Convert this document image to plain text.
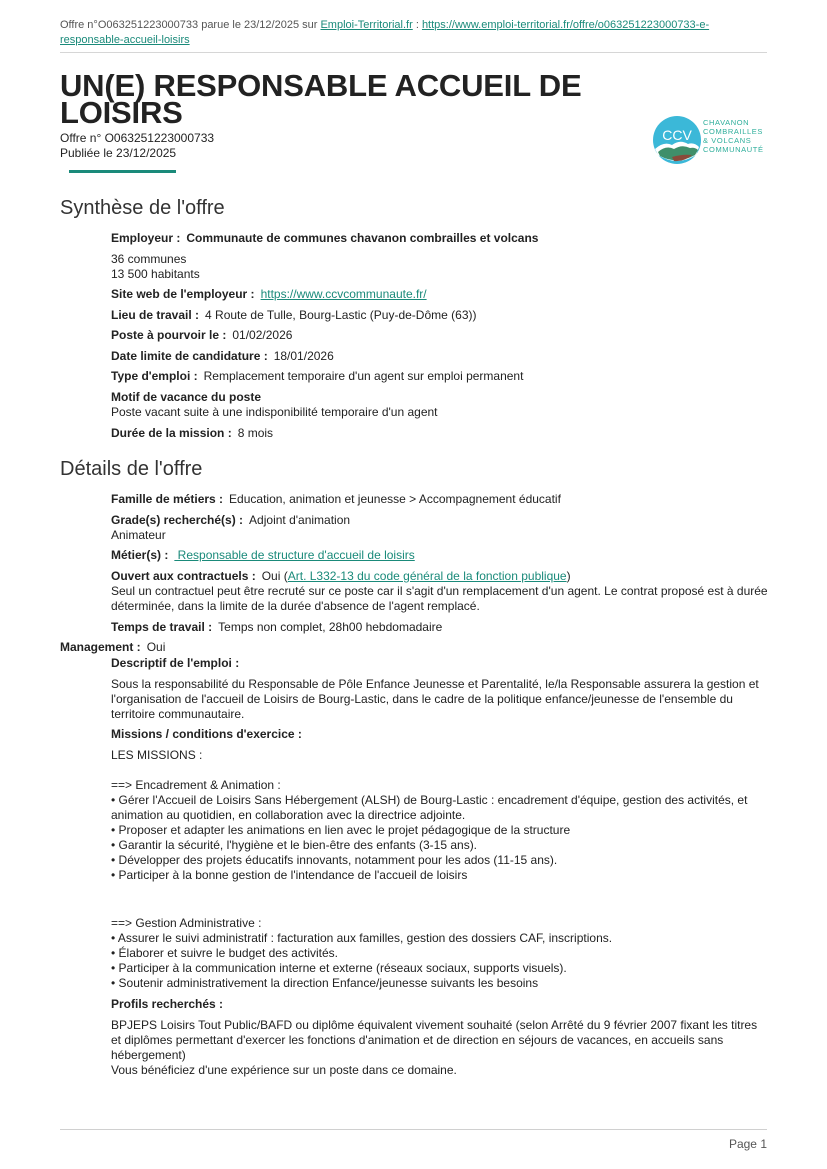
Offre n°O063251223000733 parue le 23/12/2025 sur Emploi-Territorial.fr : https://www.emploi-territorial.fr/offre/o063251223000733-e-responsable-accueil-loisirs
UN(E) RESPONSABLE ACCUEIL DE LOISIRS
Offre n° O063251223000733
Publiée le 23/12/2025
CCV
CHAVANON
COMBRAILLES
& VOLCANS
COMMUNAUTÉ
Synthèse de l'offre
Employeur : Communaute de communes chavanon combrailles et volcans
36 communes
13 500 habitants
Site web de l'employeur : https://www.ccvcommunaute.fr/
Lieu de travail : 4 Route de Tulle, Bourg-Lastic (Puy-de-Dôme (63))
Poste à pourvoir le : 01/02/2026
Date limite de candidature : 18/01/2026
Type d'emploi : Remplacement temporaire d'un agent sur emploi permanent
Motif de vacance du poste
Poste vacant suite à une indisponibilité temporaire d'un agent
Durée de la mission : 8 mois
Détails de l'offre
Famille de métiers : Education, animation et jeunesse > Accompagnement éducatif
Grade(s) recherché(s) : Adjoint d'animation
Animateur
Métier(s) : Responsable de structure d'accueil de loisirs
Ouvert aux contractuels : Oui (Art. L332-13 du code général de la fonction publique)

Seul un contractuel peut être recruté sur ce poste car il s'agit d'un remplacement d'un agent. Le contrat proposé est à durée déterminée, dans la limite de la durée d'absence de l'agent remplacé.

Temps de travail : Temps non complet, 28h00 hebdomadaire
Management : Oui
Descriptif de l'emploi :

Sous la responsabilité du Responsable de Pôle Enfance Jeunesse et Parentalité, le/la Responsable assurera la gestion et l'organisation de l'accueil de Loisirs de Bourg-Lastic, dans le cadre de la politique enfance/jeunesse de l'ensemble du territoire communautaire.

Missions / conditions d'exercice :
LES MISSIONS :
==> Encadrement & Animation :
• Gérer l'Accueil de Loisirs Sans Hébergement (ALSH) de Bourg-Lastic : encadrement d'équipe, gestion des activités, et animation au quotidien, en collaboration avec la directrice adjointe.
• Proposer et adapter les animations en lien avec le projet pédagogique de la structure
• Garantir la sécurité, l'hygiène et le bien-être des enfants (3-15 ans).
• Développer des projets éducatifs innovants, notamment pour les ados (11-15 ans).
• Participer à la bonne gestion de l'intendance de l'accueil de loisirs
==> Gestion Administrative :
• Assurer le suivi administratif : facturation aux familles, gestion des dossiers CAF, inscriptions.
• Élaborer et suivre le budget des activités.
• Participer à la communication interne et externe (réseaux sociaux, supports visuels).
• Soutenir administrativement la direction Enfance/jeunesse suivants les besoins
Profils recherchés :

BPJEPS Loisirs Tout Public/BAFD ou diplôme équivalent vivement souhaité (selon Arrêté du 9 février 2007 fixant les titres et diplômes permettant d'exercer les fonctions d'animation et de direction en séjours de vacances, en accueils sans hébergement)

Vous bénéficiez d'une expérience sur un poste dans ce domaine.

Page 1
